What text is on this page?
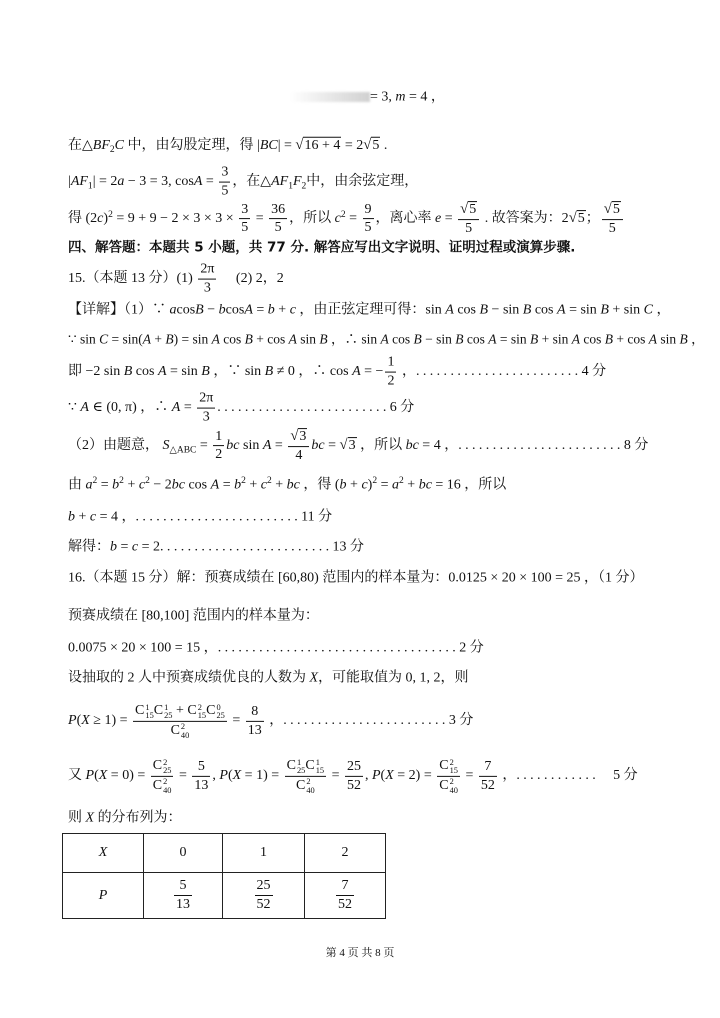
= 3, m = 4 ，
在$\triangle BF_2C$ 中，由勾股定理，得 |BC| = √16 + 4 = 2√5 .
$|AF_1| = 2a - 3 = 3$, $\cos A = \frac{3}{5}$ ，在$\triangle AF_1F_2$中，由余弦定理，
得 $(2c)^2 = 9 + 9 - 2 \times 3 \times 3 \times \frac{3}{5} = \frac{36}{5}$ ，所以 $c^2 = \frac{9}{5}$ ，离心率 $e = \frac{√5}{5}$ . 故答案为：2√5； $\frac{√5}{5}$
四、解答题：本题共 5 小题，共 77 分. 解答应写出文字说明、证明过程或演算步骤.
15.（本题 13 分）$(1) \frac{2\pi}{3}$ 　 (2) 2，2
【详解】（1）∵ acosB − bcosA = b + c ，由正弦定理可得：sin A cos B − sin B cos A = sin B + sin C ，
∵ sin C = sin(A + B) = sin A cos B + cos A sin B ，∴ sin A cos B − sin B cos A = sin B + sin A cos B + cos A sin B ，
即 −2 sin B cos A = sin B ，∵ sin B ≠ 0 ，∴ cos A = − $\frac{1}{2}$ ，........................4 分
∵ A ∈ (0, π) ，∴ $A = \frac{2\pi}{3} .........................6$ 分
（2）由题意， $S_{\triangle ABC} = \frac{1}{2}$ bc $\sin A = \frac{√3}{4}$ bc = √3 ，所以 bc = 4 ，........................8 分
由 $a^2 = b^2 + c^2 - 2bc$ $\cos A = b^2 + c^2$ + bc ，得 $(b + c)^2 = a^2$ + bc = 16 ，所以
b + c = 4 ，........................11 分
解得：b = c = 2.........................13 分
16.（本题 15 分）解：预赛成绩在 [60,80) 范围内的样本量为：0.0125 × 20 × 100 = 25 ，（1 分）
预赛成绩在 [80,100] 范围内的样本量为：
0.0075 × 20 × 100 = 15 ，...................................2 分
设抽取的 2 人中预赛成绩优良的人数为 X，可能取值为 0, 1, 2，则
P(X ≥ 1) = C 1
15 C 1
25 + C 2
15 C 0
25
C 2
$40 = \frac{8}{13}$ ，........................3 分
又 P(X = 0) = C 2
25
C 2
$40 = \frac{5}{13}$ , P(X = 1) = C 1
25 C 1
15
C 2
$40 = \frac{25}{52}$ , P(X = 2) = C 2
15
C 2
$40 = \frac{7}{52}$ ，............　5 分
则 X 的分布列为：
X	0	1	2
P	$\frac{5}{13}$	$\frac{25}{52}$	$\frac{7}{52}$
第 4 页 共 8 页
